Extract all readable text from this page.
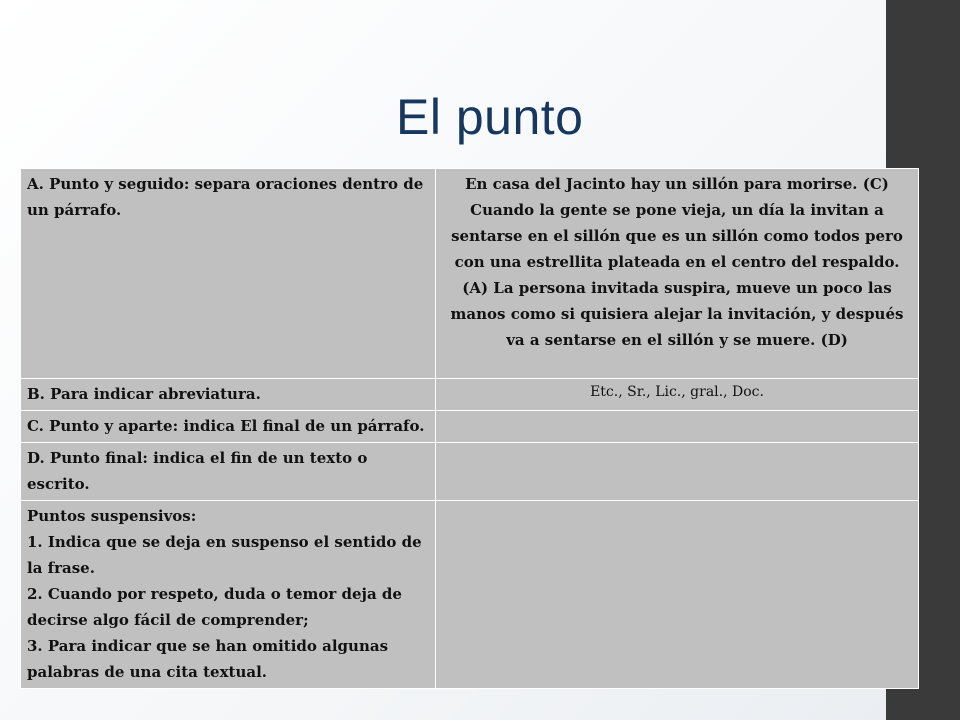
El punto
A. Punto y seguido: separa oraciones dentro de un párrafo.	En casa del Jacinto hay un sillón para morirse. (C) Cuando la gente se pone vieja, un día la invitan a sentarse en el sillón que es un sillón como todos pero con una estrellita plateada en el centro del respaldo.(A) La persona invitada suspira, mueve un poco las manos como si quisiera alejar la invitación, y después va a sentarse en el sillón y se muere. (D)
B. Para indicar abreviatura.	Etc., Sr., Lic., gral., Doc.
C. Punto y aparte: indica El final de un párrafo.	
D. Punto final: indica el fin de un texto o escrito.	

Puntos suspensivos:
1. Indica que se deja en suspenso el sentido de la frase.
2. Cuando por respeto, duda o temor deja de decirse algo fácil de comprender;
3. Para indicar que se han omitido algunas palabras de una cita textual.	
